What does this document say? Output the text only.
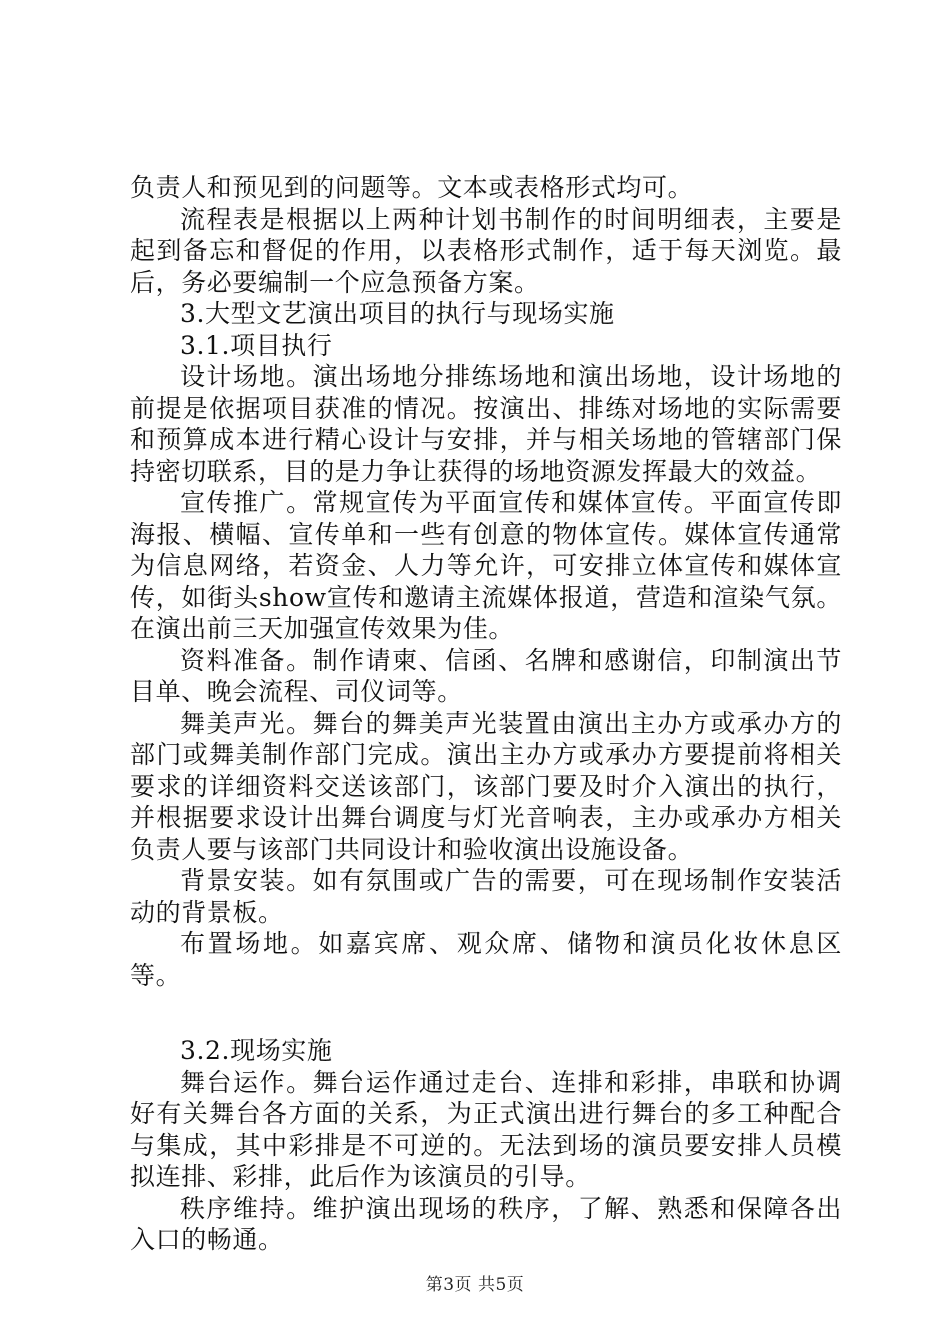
负责人和预见到的问题等。文本或表格形式均可。

流程表是根据以上两种计划书制作的时间明细表，主要是起到备忘和督促的作用，以表格形式制作，适于每天浏览。最后，务必要编制一个应急预备方案。

3.大型文艺演出项目的执行与现场实施

3.1.项目执行

设计场地。演出场地分排练场地和演出场地，设计场地的前提是依据项目获准的情况。按演出、排练对场地的实际需要和预算成本进行精心设计与安排，并与相关场地的管辖部门保持密切联系，目的是力争让获得的场地资源发挥最大的效益。

宣传推广。常规宣传为平面宣传和媒体宣传。平面宣传即海报、横幅、宣传单和一些有创意的物体宣传。媒体宣传通常为信息网络，若资金、人力等允许，可安排立体宣传和媒体宣传，如街头show宣传和邀请主流媒体报道，营造和渲染气氛。在演出前三天加强宣传效果为佳。

资料准备。制作请柬、信函、名牌和感谢信，印制演出节目单、晚会流程、司仪词等。

舞美声光。舞台的舞美声光装置由演出主办方或承办方的部门或舞美制作部门完成。演出主办方或承办方要提前将相关要求的详细资料交送该部门，该部门要及时介入演出的执行，并根据要求设计出舞台调度与灯光音响表，主办或承办方相关负责人要与该部门共同设计和验收演出设施设备。

背景安装。如有氛围或广告的需要，可在现场制作安装活动的背景板。

布置场地。如嘉宾席、观众席、储物和演员化妆休息区等。

3.2.现场实施

舞台运作。舞台运作通过走台、连排和彩排，串联和协调好有关舞台各方面的关系，为正式演出进行舞台的多工种配合与集成，其中彩排是不可逆的。无法到场的演员要安排人员模拟连排、彩排，此后作为该演员的引导。

秩序维持。维护演出现场的秩序，了解、熟悉和保障各出入口的畅通。

第3页 共5页
